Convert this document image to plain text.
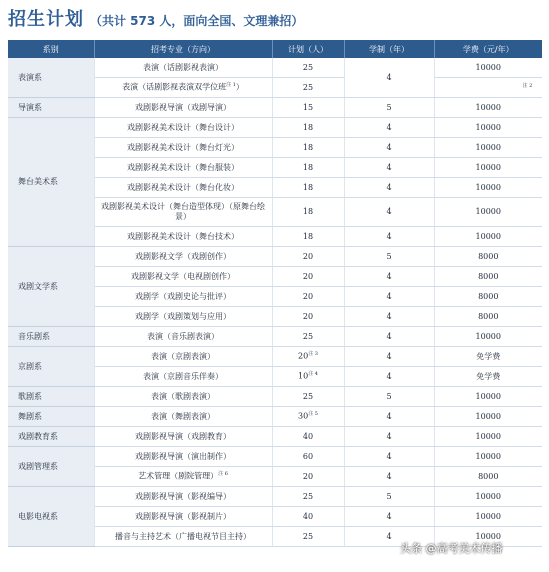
招生计划 （共计 573 人，面向全国、文理兼招）
系别	招考专业（方向）	计划（人）	学制（年）	学费（元/年）
表演系	表演（话剧影视表演）	25	4	10000
	表演（话剧影视表演双学位班$^{注 1}$）	25		$^{注 2}$
导演系	戏剧影视导演（戏剧导演）	15	5	10000
舞台美术系	戏剧影视美术设计（舞台设计）	18	4	10000
	戏剧影视美术设计（舞台灯光）	18	4	10000
	戏剧影视美术设计（舞台服装）	18	4	10000
	戏剧影视美术设计（舞台化妆）	18	4	10000
	戏剧影视美术设计（舞台造型体现）（原舞台绘景）	18	4	10000
	戏剧影视美术设计（舞台技术）	18	4	10000
戏剧文学系	戏剧影视文学（戏剧创作）	20	5	8000
	戏剧影视文学（电视剧创作）	20	4	8000
	戏剧学（戏剧史论与批评）	20	4	8000
	戏剧学（戏剧策划与应用）	20	4	8000
音乐剧系	表演（音乐剧表演）	25	4	10000
京剧系	表演（京剧表演）	$20^{注 3}$	4	免学费
	表演（京剧音乐伴奏）	$10^{注 4}$	4	免学费
歌剧系	表演（歌剧表演）	25	5	10000
舞剧系	表演（舞剧表演）	$30^{注 5}$	4	10000
戏剧教育系	戏剧影视导演（戏剧教育）	40	4	10000
戏剧管理系	戏剧影视导演（演出制作）	60	4	10000
	艺术管理（剧院管理）$^{注 6}$	20	4	8000
电影电视系	戏剧影视导演（影视编导）	25	5	10000
	戏剧影视导演（影视制片）	40	4	10000
	播音与主持艺术（广播电视节目主持）	25	4	10000
头条 @高考美术传播
